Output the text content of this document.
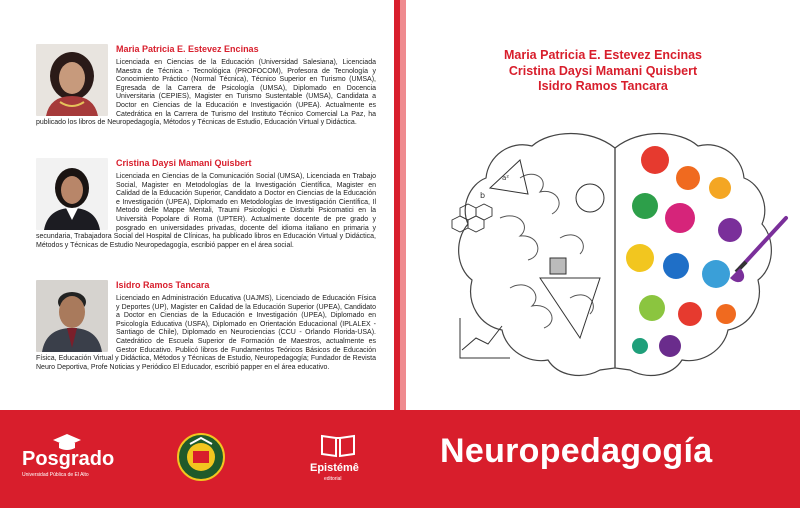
Maria Patricia E. Estevez Encinas
Licenciada en Ciencias de la Educación (Universidad Salesiana), Licenciada Maestra de Técnica - Tecnológica (PROFOCOM), Profesora de Tecnología y Conocimiento Práctico (Normal Técnica), Técnico Superior en Turismo (UMSA), Egresada de la Carrera de Psicología (UMSA), Diplomado en Docencia Universitaria (CEPIES), Magister en Turismo Sustentable (UMSA), Candidata a Doctor en Ciencias de la Educación e Investigación (UPEA). Actualmente es Catedrática en la Carrera de Turismo del Instituto Técnico Comercial La Paz, ha publicado los libros de Neuropedagogía, Métodos y Técnicas de Estudio, Educación Virtual y Didáctica.
Cristina Daysi Mamani Quisbert
Licenciada en Ciencias de la Comunicación Social (UMSA), Licenciada en Trabajo Social, Magister en Metodologías de la Investigación Científica, Magister en Calidad de la Educación Superior, Candidato a Doctor en Ciencias de la Educación e Investigación (UPEA), Diplomado en Metodologías de Investigación Científica, Il Metodo delle Mappe Mentali, Traumi Psicologici e Disturbi Psicomatici en la Università Popolare di Roma (UPTER). Actualmente docente de pre grado y posgrado en universidades privadas, docente del idioma italiano en primaria y secundaria, Trabajadora Social del Hospital de Clínicas, ha publicado libros en Educación Virtual y Didáctica, Métodos y Técnicas de Estudio Neuropedagogía, escribió papper en el área social.
Isidro Ramos Tancara
Licenciado en Administración Educativa (UAJMS), Licenciado de Educación Física y Deportes (UP), Magister en Calidad de la Educación Superior (UPEA), Candidato a Doctor en Ciencias de la Educación e Investigación (UPEA), Diplomado en Psicología Educativa (USFA), Diplomado en Orientación Educacional (IPLALEX - Santiago de Chile), Diplomado en Neurociencias (CCU - Orlando Florida-USA). Catedrático de Escuela Superior de Formación de Maestros, actualmente es Gestor Educativo. Publicó libros de Fundamentos Teóricos Básicos de Educación Física, Educación Virtual y Didáctica, Métodos y Técnicas de Estudio, Neuropedagogía; Fundador de Revista Neuro Deportiva, Profe Noticias y Periódico El Educador, escribió papper en el área educativo.
Maria Patricia E. Estevez Encinas
Cristina Daysi Mamani Quisbert
Isidro Ramos Tancara
b
a²
Neuropedagogía
Posgrado
Universidad Pública de El Alto
Epistémê
editorial
